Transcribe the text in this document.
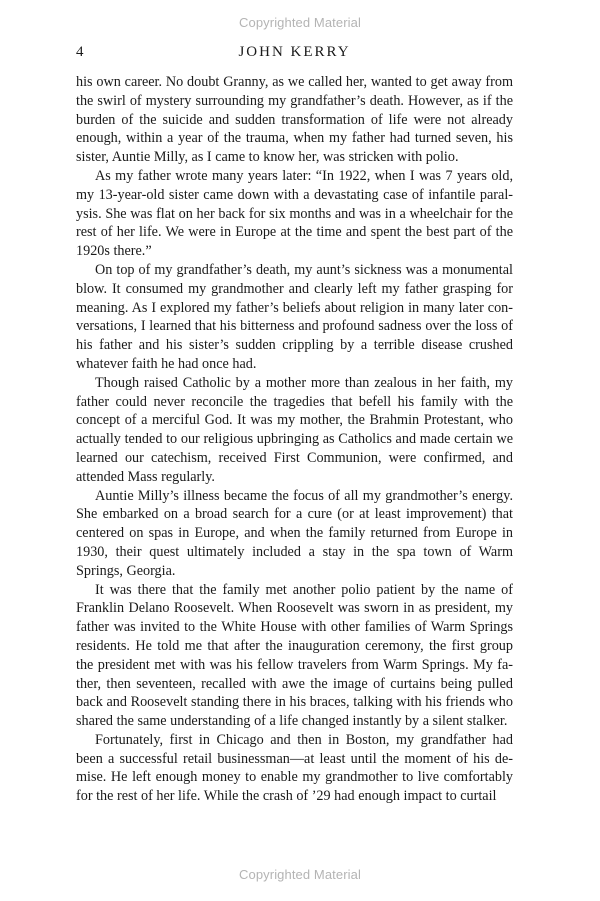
Copyrighted Material
4	JOHN KERRY

his own career. No doubt Granny, as we called her, wanted to get away from the swirl of mystery surrounding my grandfather’s death. However, as if the burden of the suicide and sudden transformation of life were not already enough, within a year of the trauma, when my father had turned seven, his sister, Auntie Milly, as I came to know her, was stricken with polio.

As my father wrote many years later: “In 1922, when I was 7 years old, my 13-year-old sister came down with a devastating case of infantile paralysis. She was flat on her back for six months and was in a wheelchair for the rest of her life. We were in Europe at the time and spent the best part of the 1920s there.”

On top of my grandfather’s death, my aunt’s sickness was a monumental blow. It consumed my grandmother and clearly left my father grasping for meaning. As I explored my father’s beliefs about religion in many later conversations, I learned that his bitterness and profound sadness over the loss of his father and his sister’s sudden crippling by a terrible disease crushed whatever faith he had once had.

Though raised Catholic by a mother more than zealous in her faith, my father could never reconcile the tragedies that befell his family with the concept of a merciful God. It was my mother, the Brahmin Protestant, who actually tended to our religious upbringing as Catholics and made certain we learned our catechism, received First Communion, were confirmed, and attended Mass regularly.

Auntie Milly’s illness became the focus of all my grandmother’s energy. She embarked on a broad search for a cure (or at least improvement) that centered on spas in Europe, and when the family returned from Europe in 1930, their quest ultimately included a stay in the spa town of Warm Springs, Georgia.

It was there that the family met another polio patient by the name of Franklin Delano Roosevelt. When Roosevelt was sworn in as president, my father was invited to the White House with other families of Warm Springs residents. He told me that after the inauguration ceremony, the first group the president met with was his fellow travelers from Warm Springs. My father, then seventeen, recalled with awe the image of curtains being pulled back and Roosevelt standing there in his braces, talking with his friends who shared the same understanding of a life changed instantly by a silent stalker.

Fortunately, first in Chicago and then in Boston, my grandfather had been a successful retail businessman—at least until the moment of his demise. He left enough money to enable my grandmother to live comfortably for the rest of her life. While the crash of ’29 had enough impact to curtail

Copyrighted Material
